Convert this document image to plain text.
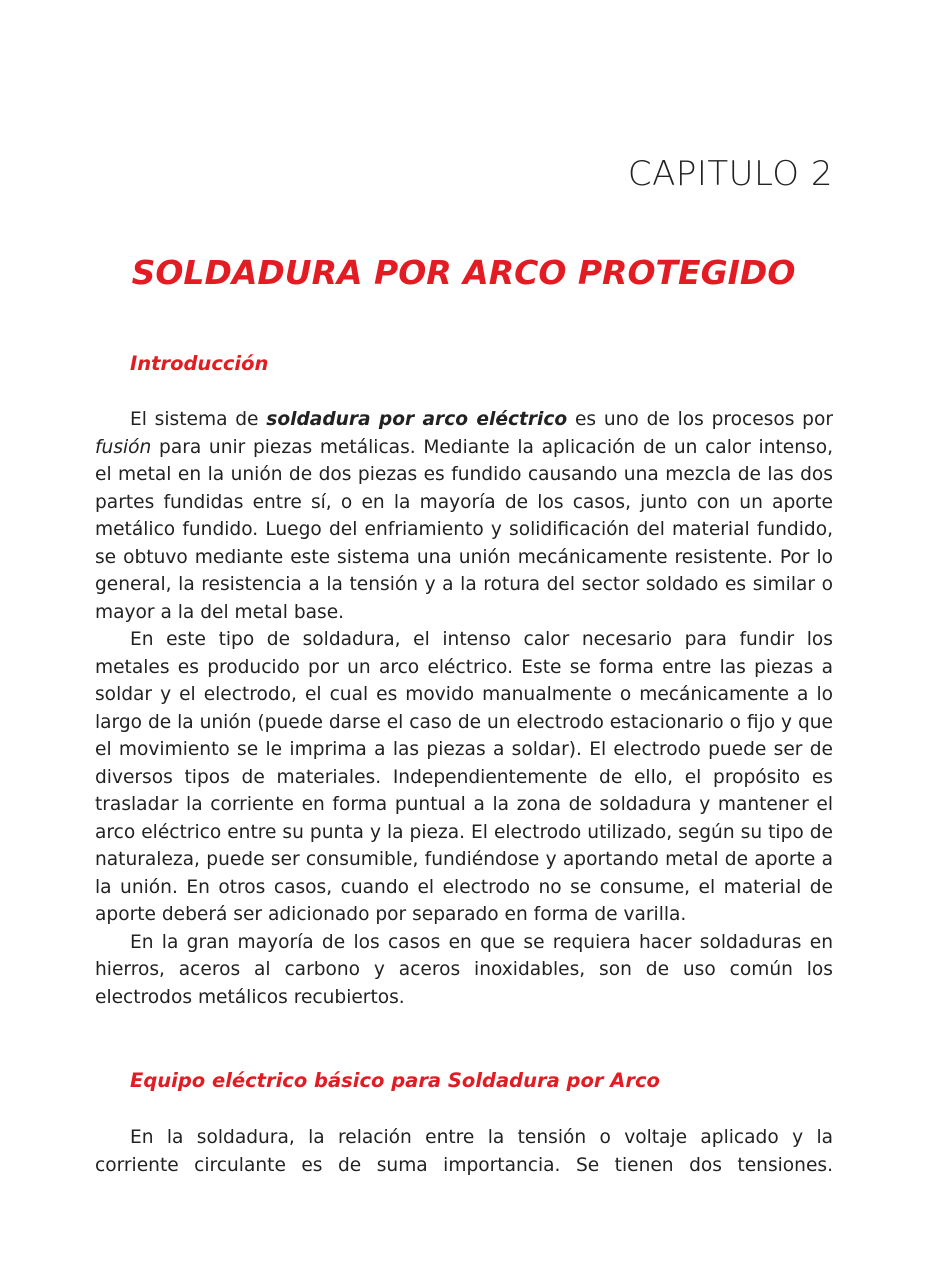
CAPITULO 2
SOLDADURA POR ARCO PROTEGIDO
Introducción

El sistema de soldadura por arco eléctrico es uno de los procesos por fusión para unir piezas metálicas. Mediante la aplicación de un calor intenso, el metal en la unión de dos piezas es fundido causando una mezcla de las dos partes fundidas entre sí, o en la mayoría de los casos, junto con un aporte metálico fundido. Luego del enfriamiento y solidificación del material fundido, se obtuvo mediante este sistema una unión mecánicamente resistente. Por lo general, la resistencia a la tensión y a la rotura del sector soldado es similar o mayor a la del metal base.

En este tipo de soldadura, el intenso calor necesario para fundir los metales es producido por un arco eléctrico. Este se forma entre las piezas a soldar y el electrodo, el cual es movido manualmente o mecánicamente a lo largo de la unión (puede darse el caso de un electrodo estacionario o fijo y que el movimiento se le imprima a las piezas a soldar). El electrodo puede ser de diversos tipos de materiales. Independientemente de ello, el propósito es trasladar la corriente en forma puntual a la zona de soldadura y mantener el arco eléctrico entre su punta y la pieza. El electrodo utilizado, según su tipo de naturaleza, puede ser consumible, fundiéndose y aportando metal de aporte a la unión. En otros casos, cuando el electrodo no se consume, el material de aporte deberá ser adicionado por separado en forma de varilla.

En la gran mayoría de los casos en que se requiera hacer soldaduras en hierros, aceros al carbono y aceros inoxidables, son de uso común los electrodos metálicos recubiertos.

Equipo eléctrico básico para Soldadura por Arco

En la soldadura, la relación entre la tensión o voltaje aplicado y la corriente circulante es de suma importancia. Se tienen dos tensiones.
